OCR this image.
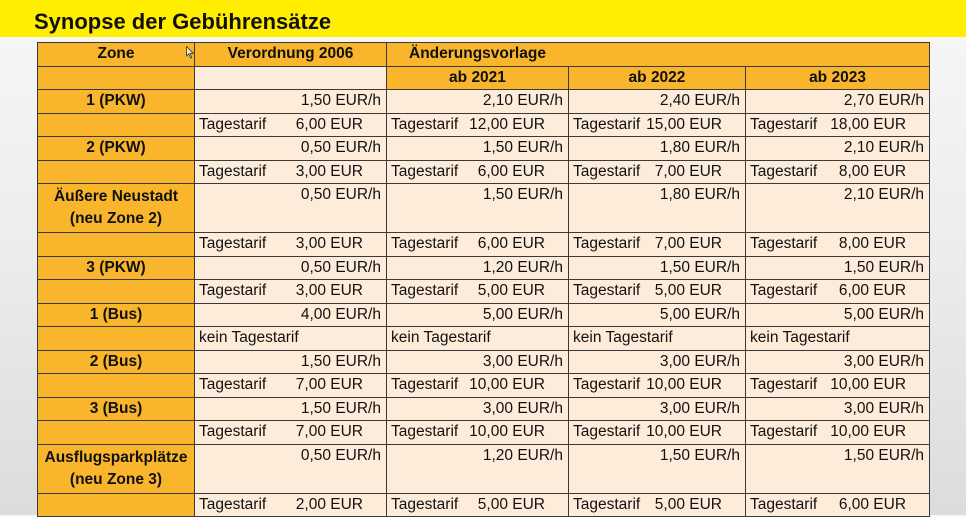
Synopse der Gebührensätze
Zone	Verordnung 2006	Änderungsvorlage		
		ab 2021	ab 2022	ab 2023

1 (PKW)	1,50 EUR/h	2,10 EUR/h	2,40 EUR/h	2,70 EUR/h

	Tagestarif 6,00 EUR	Tagestarif 12,00 EUR	Tagestarif 15,00 EUR	Tagestarif 18,00 EUR

2 (PKW)	0,50 EUR/h	1,50 EUR/h	1,80 EUR/h	2,10 EUR/h

	Tagestarif 3,00 EUR	Tagestarif 6,00 EUR	Tagestarif 7,00 EUR	Tagestarif 8,00 EUR

Äußere Neustadt
(neu Zone 2)	0,50 EUR/h	1,50 EUR/h	1,80 EUR/h	2,10 EUR/h

	Tagestarif 3,00 EUR	Tagestarif 6,00 EUR	Tagestarif 7,00 EUR	Tagestarif 8,00 EUR

3 (PKW)	0,50 EUR/h	1,20 EUR/h	1,50 EUR/h	1,50 EUR/h

	Tagestarif 3,00 EUR	Tagestarif 5,00 EUR	Tagestarif 5,00 EUR	Tagestarif 6,00 EUR

1 (Bus)	4,00 EUR/h	5,00 EUR/h	5,00 EUR/h	5,00 EUR/h

	kein Tagestarif	kein Tagestarif	kein Tagestarif	kein Tagestarif

2 (Bus)	1,50 EUR/h	3,00 EUR/h	3,00 EUR/h	3,00 EUR/h

	Tagestarif 7,00 EUR	Tagestarif 10,00 EUR	Tagestarif 10,00 EUR	Tagestarif 10,00 EUR

3 (Bus)	1,50 EUR/h	3,00 EUR/h	3,00 EUR/h	3,00 EUR/h

	Tagestarif 7,00 EUR	Tagestarif 10,00 EUR	Tagestarif 10,00 EUR	Tagestarif 10,00 EUR

Ausflugsparkplätze
(neu Zone 3)	0,50 EUR/h	1,20 EUR/h	1,50 EUR/h	1,50 EUR/h

	Tagestarif 2,00 EUR	Tagestarif 5,00 EUR	Tagestarif 5,00 EUR	Tagestarif 6,00 EUR
